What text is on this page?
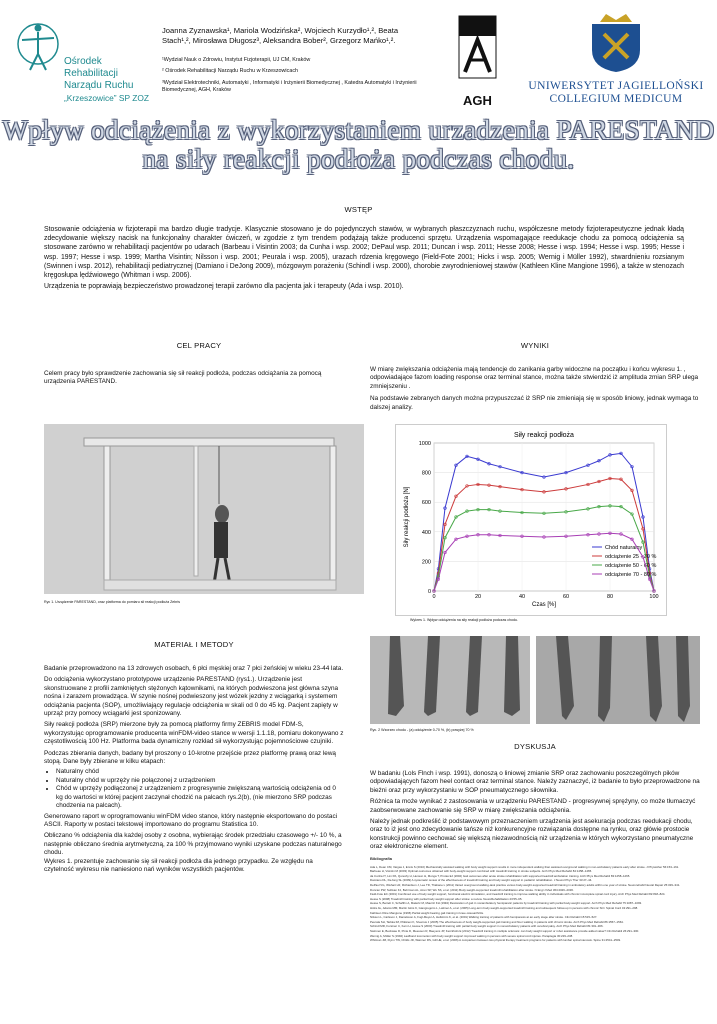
Ośrodek
Rehabilitacji
Narządu Ruchu
„Krzeszowice” SP ZOZ
Joanna Zyznawska¹, Mariola Wodzińska², Wojciech Kurzydło¹,², Beata
Stach¹,², Mirosława Długosz³, Aleksandra Bober², Grzegorz Mańko¹,².
¹Wydział Nauk o Zdrowiu, Instytut Fizjoterapii, UJ CM, Kraków
² Ośrodek Rehabilitacji Narządu Ruchu w Krzeszowicach
³Wydział Elektrotechniki, Automatyki , Informatyki i Inżynierii Biomedycznej , Katedra Automatyki i Inżynierii Biomedycznej, AGH, Kraków
AGH
UNIWERSYTET JAGIELLOŃSKI
COLLEGIUM MEDICUM
Wpływ odciążenia z wykorzystaniem urzadzenia PARESTAND
na siły reakcji podłoża podczas chodu.
WSTĘP
Stosowanie odciążenia w fizjoterapii ma bardzo długie tradycje. Klasycznie stosowano je do pojedynczych stawów, w wybranych płaszczyznach ruchu, współczesne metody fizjoterapeutyczne jednak kładą zdecydowanie większy nacisk na funkcjonalny charakter ćwiczeń, w zgodzie z tym trendem podążają także producenci sprzętu. Urządzenia wspomagające reedukacje chodu za pomocą odciążenia są stosowane zarówno w rehabilitacji pacjentów po udarach (Barbeau i Visintin 2003; da Cunha i wsp. 2002; DePaul wsp. 2011; Duncan i wsp. 2011; Hesse 2008; Hesse i wsp. 1994; Hesse i wsp. 1995; Hesse i wsp. 1997; Hesse i wsp. 1999; Martha Visintin; Nilsson i wsp. 2001; Peurala i wsp. 2005), urazach rdzenia kręgowego (Field-Fote 2001; Hicks i wsp. 2005; Wernig i Müller 1992), stwardnieniu rozsianym (Swinnen i wsp. 2012), rehabilitacji pediatrycznej (Damiano i DeJong 2009), mózgowym porażeniu (Schindl i wsp. 2000), chorobie zwyrodnieniowej stawów (Kathleen Kline Mangione 1996), a także w stenozach kręgosłupa lędźwiowego (Whitman i wsp. 2006).
Urządzenia te poprawiają bezpieczeństwo prowadzonej terapii zarówno dla pacjenta jak i terapeuty (Ada i wsp. 2010).
CEL PRACY
Celem pracy było sprawdzenie zachowania się sił reakcji podłoża, podczas odciążania za pomocą urządzenia PARESTAND.
WYNIKI
W miarę zwiększania odciążenia mają tendencje do zanikania garby widoczne na początku i końcu wykresu 1. , odpowiadające fazom loading response oraz terminal stance, można także stwierdzić iż amplituda zmian SRP ulega zmniejszeniu .
Na podstawie zebranych danych można przypuszczać iż SRP nie zmieniają się w sposób liniowy, jednak wymaga to dalszej analizy.
Ryc 1. Urządzenie PARESTAND, oraz platforma do pomiaru sił reakcji podłoża Zebris
0
200
400
600
800
1000
0	20	40	60	80	100
Siły reakcji podłoża
Czas [%]
Siły reakcji podłoża [N]
Chód naturalny
odciążenie 25 - 30 %
odciążenie 50 - 60 %
odciążenie 70 - 80 %
Wykres 1. Wpływ odciążenia na siły reakcji podłoża podczas chodu.
MATERIAŁ I METODY
Badanie przeprowadzono na 13 zdrowych osobach, 6 płci męskiej oraz 7 płci żeńskiej w wieku 23-44 lata.
Do odciążenia wykorzystano prototypowe urządzenie PARESTAND (rys1.). Urządzenie jest skonstruowane z profili zamkniętych stężonych kątownikami, na których podwieszona jest główna szyna nośna i zarazem prowadząca. W szynie nośnej podwieszony jest wózek jezdny z wciągarką i systemem odciążania pacjenta (SOP), umożliwiający regulacje odciążenia w skali od 0 do 45 kg. Pacjent zapięty w uprząż przy pomocy wciągarki jest sponizowany.
Siły reakcji podłoża (SRP) mierzone były za pomocą platformy firmy ZEBRIS model FDM-S, wykorzystując oprogramowanie producenta winFDM-video stance w wersji 1.1.18, pomiaru dokonywano z częstotliwością 100 Hz. Platforma bada dynamiczny rozkład sił wykorzystując pojemnościowe czujniki.
Podczas zbierania danych, badany był proszony o 10-krotne przejście przez platformę prawą oraz lewą stopą. Dane były zbierane w kilku etapach:
• Naturalny chód
• Naturalny chód w uprzęży nie połączonej z urządzeniem
• Chód w uprzęży podłączonej z urządzeniem z progresywnie zwiększaną wartością odciążenia od 0 kg do wartości w której pacjent zaczynał chodzić na palcach rys.2(b), (nie mierzono SRP podczas chodzenia na palcach).
Generowano raport w oprogramowaniu winFDM video stance, który następnie eksportowano do postaci ASCII. Raporty w postaci tekstowej importowano do programu Statistica 10.
Obliczano % odciążenia dla każdej osoby z osobna, wybierając środek przedziału czasowego +/- 10 %, a następnie obliczano średnia arytmetyczną, za 100 % przyjmowano wyniki uzyskane podczas naturalnego chodu.
Wykres 1. prezentuje zachowanie się sił reakcji podłoża dla jednego przypadku. Ze względu na czytelność wykresu nie naniesiono nań wyników wszystkich pacjentów.
Ryc. 2 Wzorzec chodu - (a) odciążenie 0-70 %, (b) powyżej 70 %
DYSKUSJA
W badaniu (Lols Flnch i wsp. 1991), donoszą o liniowej zmianie SRP oraz zachowaniu poszczególnych pików odpowiadających fazom heel contact oraz terminal stance. Należy zaznaczyć, iż badanie to było przeprowadzone na bieżni oraz przy wykorzystaniu w SOP pneumatycznego siłownika.
Różnica ta może wynikać z zastosowania w urządzeniu PARESTAND - progresywnej sprężyny, co może tłumaczyć zaobserwowane zachowanie się SRP w miarę zwiększania odciążenia.
Należy jednak podkreślić iż podstawowym przeznaczeniem urządzenia jest asekuracja podczas reedukacji chodu, oraz to iż jest ono zdecydowanie tańsze niż konkurencyjne rozwiązania dostępne na rynku, oraz główie prostocie konstrukcji powinno cechować się większą niezawodnością niż urządzenia w których wykorzystano pneumatyczne oraz elektroniczne element.
Bibliografia
Ada L, Dean CM, Vargas J, Ennis S (2010) Mechanically assisted walking with body weight support results in more independent walking than assisted overground walking in non-ambulatory patients early after stroke. J Physiother 56:153–161.
Barbeau H, Visintin M (2003) Optimal outcomes obtained with body-weight support combined with treadmill training in stroke subjects. Arch Phys Med Rehabil 84:1458–1465.
da Cunha IT, Lim PA, Qureshy H, Henson H, Monga T, Protas EJ (2002) Gait outcomes after acute stroke rehabilitation with supported treadmill ambulation training. Arch Phys Med Rehabil 83:1258–1265.
Damiano DL, DeJong SL (2009) A systematic review of the effectiveness of treadmill training and body weight support in pediatric rehabilitation. J Neurol Phys Ther 33:27–44.
DePaul VG, Wishart LR, Richardson J, Lee TD, Thabane L (2011) Varied overground walking-task practice versus body-weight-supported treadmill training in ambulatory adults within one year of stroke. Neurorehabil Neural Repair 25:329–341.
Duncan PW, Sullivan KJ, Behrman AL, Azen SP, Wu SS, et al. (2011) Body-weight-supported treadmill rehabilitation after stroke. N Engl J Med 364:2026–2036.
Field-Fote EC (2001) Combined use of body weight support, functional electric stimulation, and treadmill training to improve walking ability in individuals with chronic incomplete spinal cord injury. Arch Phys Med Rehabil 82:818–824.
Hesse S (2008) Treadmill training with partial body weight support after stroke: a review. NeuroRehabilitation 23:55–65.
Hesse S, Bertelt C, Schaffrin A, Malezic M, Mauritz KH (1994) Restoration of gait in nonambulatory hemiparetic patients by treadmill training with partial body-weight support. Arch Phys Med Rehabil 75:1087–1093.
Hicks AL, Adams MM, Martin Ginis K, Giangregorio L, Latimer A, et al. (2005) Long-term body-weight-supported treadmill training and subsequent follow-up in persons with chronic SCI. Spinal Cord 43:291–298.
Kathleen Kline Mangione (1996) Partial weight bearing gait training in knee osteoarthritis.
Nilsson L, Carlsson J, Danielsson A, Fugl-Meyer A, Hellström K, et al. (2001) Walking training of patients with hemiparesis at an early stage after stroke. Clin Rehabil 15:515–527.
Peurala SH, Tarkka IM, Pitkänen K, Sivenius J (2005) The effectiveness of body weight-supported gait training and floor walking in patients with chronic stroke. Arch Phys Med Rehabil 86:1557–1564.
Schindl MR, Forstner C, Kern H, Hesse S (2000) Treadmill training with partial body weight support in nonambulatory patients with cerebral palsy. Arch Phys Med Rehabil 81:301–306.
Swinnen E, Beckwée D, Pinte D, Meeusen R, Baeyens JP, Kerckhofs E (2012) Treadmill training in multiple sclerosis: can body weight support or robot assistance provide added value? Clin Rehabil 26:291–300.
Wernig A, Müller S (1992) Laufband locomotion with body weight support improved walking in persons with severe spinal cord injuries. Paraplegia 30:229–238.
Whitman JM, Flynn TW, Childs JD, Wainner RS, Gill HE, et al. (2006) A comparison between two physical therapy treatment programs for patients with lumbar spinal stenosis. Spine 31:2541–2549.
